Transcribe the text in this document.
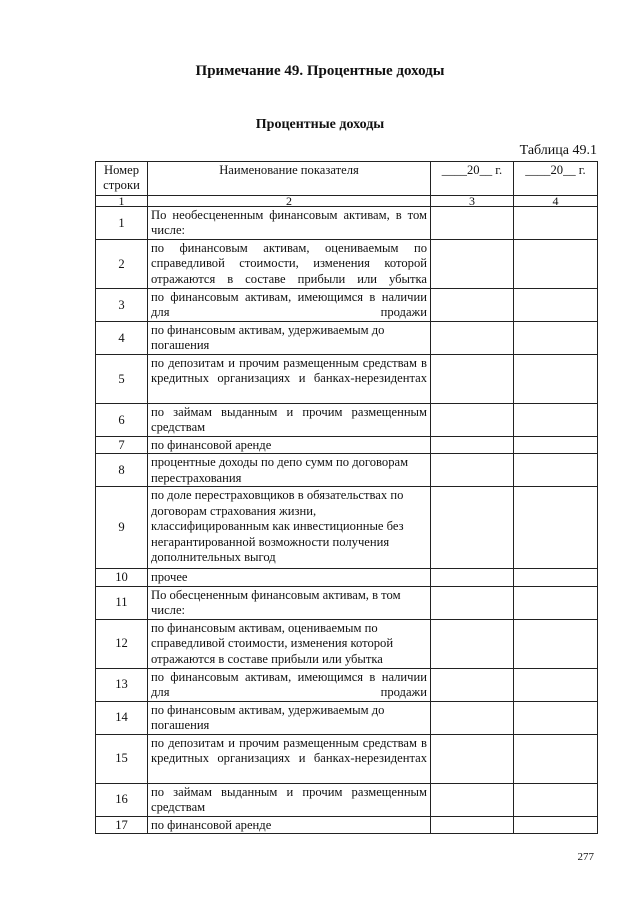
Примечание 49. Процентные доходы
Процентные доходы
Таблица 49.1
Номер строки	Наименование показателя	____20__ г.	____20__ г.
1	2	3	4
1	По необесцененным финансовым активам, в том числе:		
2	по финансовым активам, оцениваемым по справедливой стоимости, изменения которой отражаются в составе прибыли или убытка		
3	по финансовым активам, имеющимся в наличии для продажи		
4	по финансовым активам, удерживаемым до погашения		
5	по депозитам и прочим размещенным средствам в кредитных организациях и банках-нерезидентах		
6	по займам выданным и прочим размещенным средствам		
7	по финансовой аренде		
8	процентные доходы по депо сумм по договорам перестрахования		
9	по доле перестраховщиков в обязательствах по договорам страхования жизни, классифицированным как инвестиционные без негарантированной возможности получения дополнительных выгод		
10	прочее		
11	По обесцененным финансовым активам, в том числе:		
12	по финансовым активам, оцениваемым по справедливой стоимости, изменения которой отражаются в составе прибыли или убытка		
13	по финансовым активам, имеющимся в наличии для продажи		
14	по финансовым активам, удерживаемым до погашения		
15	по депозитам и прочим размещенным средствам в кредитных организациях и банках-нерезидентах		
16	по займам выданным и прочим размещенным средствам		
17	по финансовой аренде		
277
